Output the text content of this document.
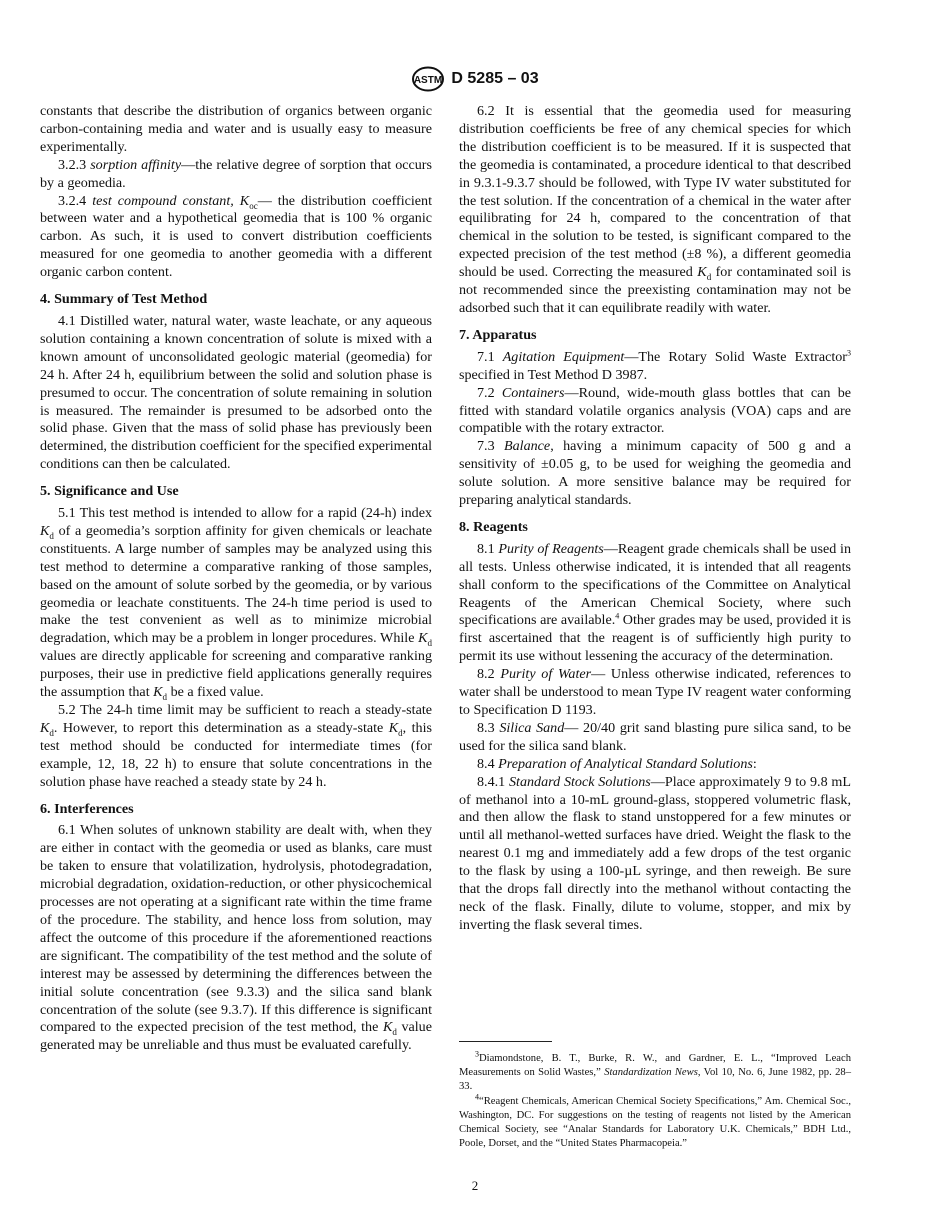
ASTM D 5285 – 03

constants that describe the distribution of organics between organic carbon-containing media and water and is usually easy to measure experimentally.

3.2.3 sorption affinity—the relative degree of sorption that occurs by a geomedia.

3.2.4 test compound constant, $K_{oc}—$ the distribution coefficient between water and a hypothetical geomedia that is 100 % organic carbon. As such, it is used to convert distribution coefficients measured for one geomedia to another geomedia with a different organic carbon content.

4. Summary of Test Method

4.1 Distilled water, natural water, waste leachate, or any aqueous solution containing a known concentration of solute is mixed with a known amount of unconsolidated geologic material (geomedia) for 24 h. After 24 h, equilibrium between the solid and solution phase is presumed to occur. The concentration of solute remaining in solution is measured. The remainder is presumed to be adsorbed onto the solid phase. Given that the mass of solid phase has previously been determined, the distribution coefficient for the specified experimental conditions can then be calculated.

5. Significance and Use

5.1 This test method is intended to allow for a rapid (24-h) index $K_d$ of a geomedia’s sorption affinity for given chemicals or leachate constituents. A large number of samples may be analyzed using this test method to determine a comparative ranking of those samples, based on the amount of solute sorbed by the geomedia, or by various geomedia or leachate constituents. The 24-h time period is used to make the test convenient as well as to minimize microbial degradation, which may be a problem in longer procedures. While $K_d$ values are directly applicable for screening and comparative ranking purposes, their use in predictive field applications generally requires the assumption that $K_d$ be a fixed value.

5.2 The 24-h time limit may be sufficient to reach a steady-state $K_d$. However, to report this determination as a steady-state $K_d$, this test method should be conducted for intermediate times (for example, 12, 18, 22 h) to ensure that solute concentrations in the solution phase have reached a steady state by 24 h.

6. Interferences

6.1 When solutes of unknown stability are dealt with, when they are either in contact with the geomedia or used as blanks, care must be taken to ensure that volatilization, hydrolysis, photodegradation, microbial degradation, oxidation-reduction, or other physicochemical processes are not operating at a significant rate within the time frame of the procedure. The stability, and hence loss from solution, may affect the outcome of this procedure if the aforementioned reactions are significant. The compatibility of the test method and the solute of interest may be assessed by determining the differences between the initial solute concentration (see 9.3.3) and the silica sand blank concentration of the solute (see 9.3.7). If this difference is significant compared to the expected precision of the test method, the $K_d$ value generated may be unreliable and thus must be evaluated carefully.

6.2 It is essential that the geomedia used for measuring distribution coefficients be free of any chemical species for which the distribution coefficient is to be measured. If it is suspected that the geomedia is contaminated, a procedure identical to that described in 9.3.1-9.3.7 should be followed, with Type IV water substituted for the test solution. If the concentration of a chemical in the water after equilibrating for 24 h, compared to the concentration of that chemical in the solution to be tested, is significant compared to the expected precision of the test method (±8 %), a different geomedia should be used. Correcting the measured $K_d$ for contaminated soil is not recommended since the preexisting contamination may not be adsorbed such that it can equilibrate readily with water.

7. Apparatus

7.1 Agitation Equipment—The Rotary Solid Waste Extractor$^3$ specified in Test Method D 3987.

7.2 Containers—Round, wide-mouth glass bottles that can be fitted with standard volatile organics analysis (VOA) caps and are compatible with the rotary extractor.

7.3 Balance, having a minimum capacity of 500 g and a sensitivity of ±0.05 g, to be used for weighing the geomedia and solute solution. A more sensitive balance may be required for preparing analytical standards.

8. Reagents

8.1 Purity of Reagents—Reagent grade chemicals shall be used in all tests. Unless otherwise indicated, it is intended that all reagents shall conform to the specifications of the Committee on Analytical Reagents of the American Chemical Society, where such specifications are available.$^4$ Other grades may be used, provided it is first ascertained that the reagent is of sufficiently high purity to permit its use without lessening the accuracy of the determination.

8.2 Purity of Water— Unless otherwise indicated, references to water shall be understood to mean Type IV reagent water conforming to Specification D 1193.

8.3 Silica Sand— 20/40 grit sand blasting pure silica sand, to be used for the silica sand blank.

8.4 Preparation of Analytical Standard Solutions:

8.4.1 Standard Stock Solutions—Place approximately 9 to 9.8 mL of methanol into a 10-mL ground-glass, stoppered volumetric flask, and then allow the flask to stand unstoppered for a few minutes or until all methanol-wetted surfaces have dried. Weight the flask to the nearest 0.1 mg and immediately add a few drops of the test organic to the flask by using a 100-µL syringe, and then reweigh. Be sure that the drops fall directly into the methanol without contacting the neck of the flask. Finally, dilute to volume, stopper, and mix by inverting the flask several times.

$^3$Diamondstone, B. T., Burke, R. W., and Gardner, E. L., “Improved Leach Measurements on Solid Wastes,” Standardization News, Vol 10, No. 6, June 1982, pp. 28–33.

$^4$“Reagent Chemicals, American Chemical Society Specifications,” Am. Chemical Soc., Washington, DC. For suggestions on the testing of reagents not listed by the American Chemical Society, see “Analar Standards for Laboratory U.K. Chemicals,” BDH Ltd., Poole, Dorset, and the “United States Pharmacopeia.”

2
